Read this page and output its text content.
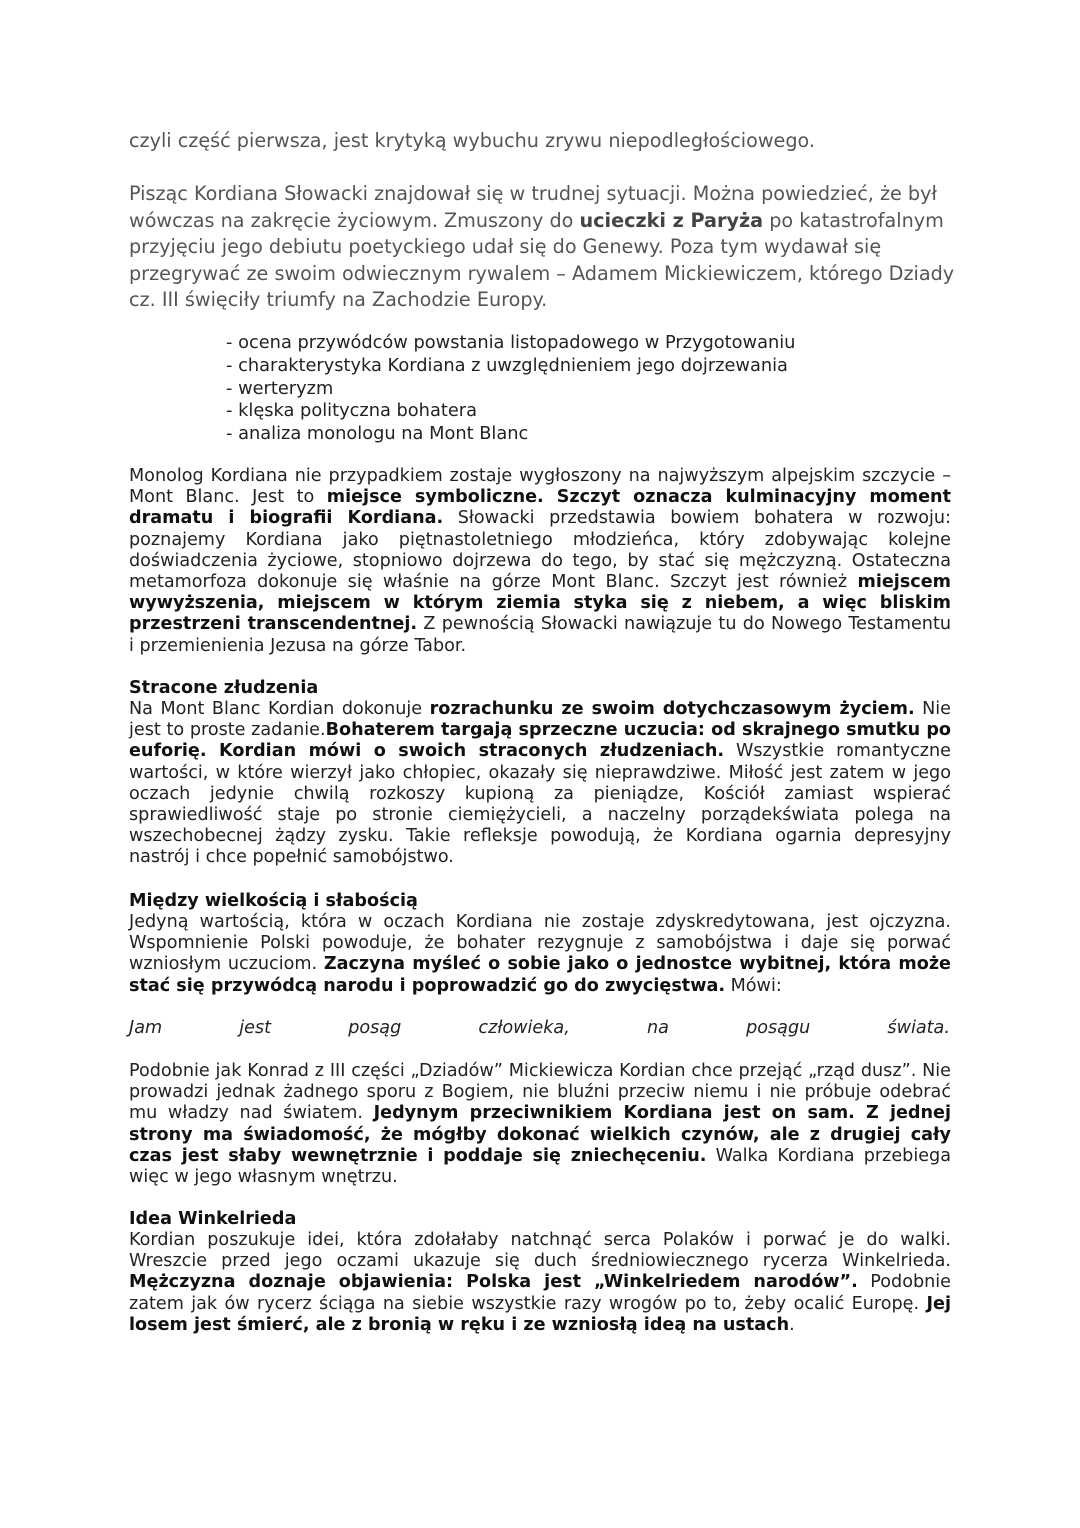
czyli część pierwsza, jest krytyką wybuchu zrywu niepodległościowego.

Pisząc Kordiana Słowacki znajdował się w trudnej sytuacji. Można powiedzieć, że był wówczas na zakręcie życiowym. Zmuszony do ucieczki z Paryża po katastrofalnym przyjęciu jego debiutu poetyckiego udał się do Genewy. Poza tym wydawał się przegrywać ze swoim odwiecznym rywalem – Adamem Mickiewiczem, którego Dziady cz. III święciły triumfy na Zachodzie Europy.

- ocena przywódców powstania listopadowego w Przygotowaniu
- charakterystyka Kordiana z uwzględnieniem jego dojrzewania
- werteryzm
- klęska polityczna bohatera
- analiza monologu na Mont Blanc

Monolog Kordiana nie przypadkiem zostaje wygłoszony na najwyższym alpejskim szczycie – Mont Blanc. Jest to miejsce symboliczne. Szczyt oznacza kulminacyjny moment dramatu i biografii Kordiana. Słowacki przedstawia bowiem bohatera w rozwoju: poznajemy Kordiana jako piętnastoletniego młodzieńca, który zdobywając kolejne doświadczenia życiowe, stopniowo dojrzewa do tego, by stać się mężczyzną. Ostateczna metamorfoza dokonuje się właśnie na górze Mont Blanc. Szczyt jest również miejscem wywyższenia, miejscem w którym ziemia styka się z niebem, a więc bliskim przestrzeni transcendentnej. Z pewnością Słowacki nawiązuje tu do Nowego Testamentu i przemienienia Jezusa na górze Tabor.

Stracone złudzenia

Na Mont Blanc Kordian dokonuje rozrachunku ze swoim dotychczasowym życiem. Nie jest to proste zadanie.Bohaterem targają sprzeczne uczucia: od skrajnego smutku po euforię. Kordian mówi o swoich straconych złudzeniach. Wszystkie romantyczne wartości, w które wierzył jako chłopiec, okazały się nieprawdziwe. Miłość jest zatem w jego oczach jedynie chwilą rozkoszy kupioną za pieniądze, Kościół zamiast wspierać sprawiedliwość staje po stronie ciemiężycieli, a naczelny porządekświata polega na wszechobecnej żądzy zysku. Takie refleksje powodują, że Kordiana ogarnia depresyjny nastrój i chce popełnić samobójstwo.

Między wielkością i słabością

Jedyną wartością, która w oczach Kordiana nie zostaje zdyskredytowana, jest ojczyzna. Wspomnienie Polski powoduje, że bohater rezygnuje z samobójstwa i daje się porwać wzniosłym uczuciom. Zaczyna myśleć o sobie jako o jednostce wybitnej, która może stać się przywódcą narodu i poprowadzić go do zwycięstwa. Mówi:

Jam	jest	posąg	człowieka,	na	posągu	świata.

Podobnie jak Konrad z III części „Dziadów” Mickiewicza Kordian chce przejąć „rząd dusz”. Nie prowadzi jednak żadnego sporu z Bogiem, nie bluźni przeciw niemu i nie próbuje odebrać mu władzy nad światem. Jedynym przeciwnikiem Kordiana jest on sam. Z jednej strony ma świadomość, że mógłby dokonać wielkich czynów, ale z drugiej cały czas jest słaby wewnętrznie i poddaje się zniechęceniu. Walka Kordiana przebiega więc w jego własnym wnętrzu.

Idea Winkelrieda

Kordian poszukuje idei, która zdołałaby natchnąć serca Polaków i porwać je do walki. Wreszcie przed jego oczami ukazuje się duch średniowiecznego rycerza Winkelrieda. Mężczyzna doznaje objawienia: Polska jest „Winkelriedem narodów”. Podobnie zatem jak ów rycerz ściąga na siebie wszystkie razy wrogów po to, żeby ocalić Europę. Jej losem jest śmierć, ale z bronią w ręku i ze wzniosłą ideą na ustach.
